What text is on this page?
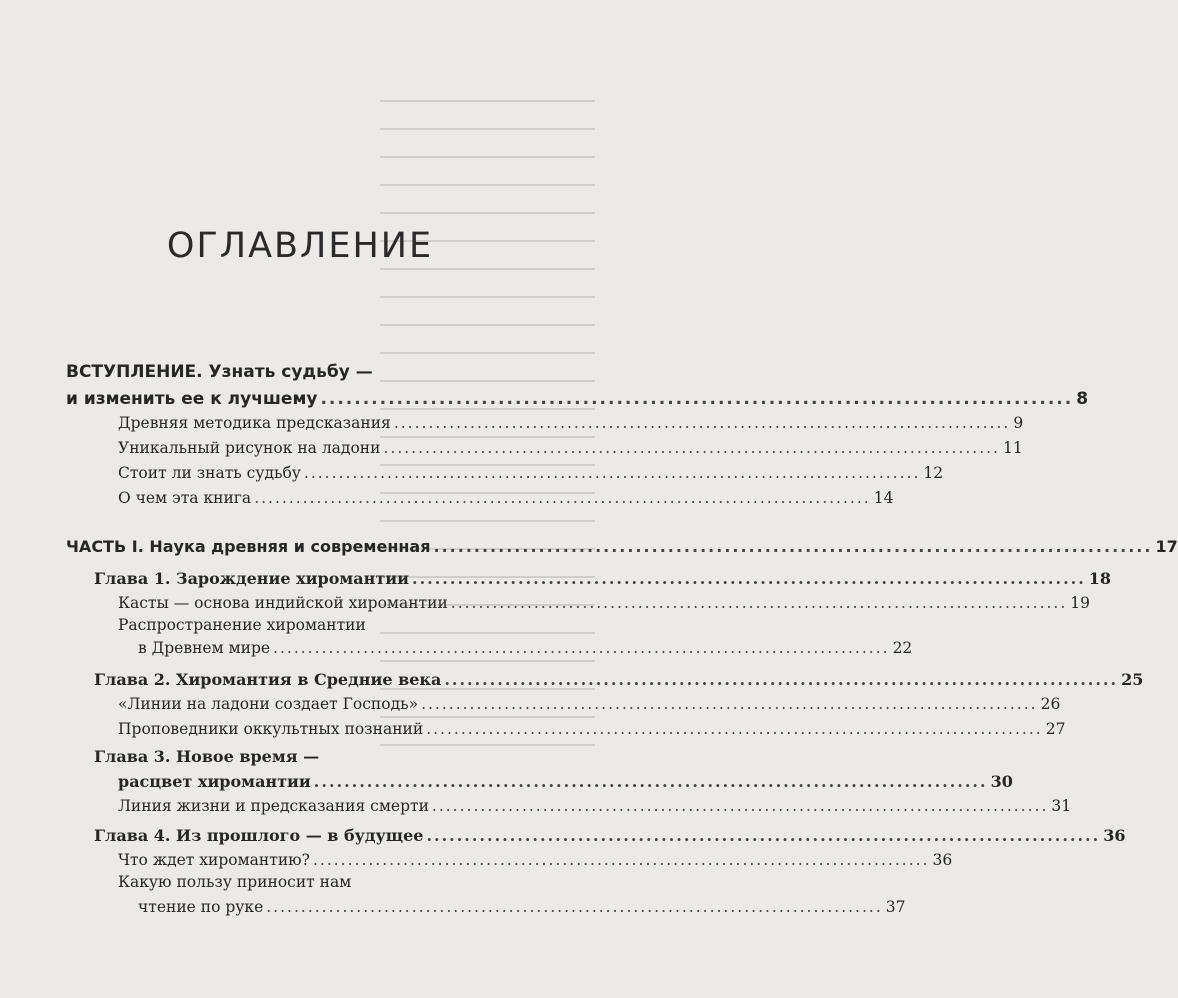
ОГЛАВЛЕНИЕ
ВСТУПЛЕНИЕ. Узнать судьбу —
и изменить ее к лучшему ......................................................................................... 8
Древняя методика предсказания ......................................................................................... 9
Уникальный рисунок на ладони ......................................................................................... 11
Стоит ли знать судьбу ......................................................................................... 12
О чем эта книга ......................................................................................... 14
ЧАСТЬ I. Наука древняя и современная ......................................................................................... 17
Глава 1. Зарождение хиромантии ......................................................................................... 18
Касты — основа индийской хиромантии ......................................................................................... 19
Распространение хиромантии
в Древнем мире ......................................................................................... 22
Глава 2. Хиромантия в Средние века ......................................................................................... 25
«Линии на ладони создает Господь» ......................................................................................... 26
Проповедники оккультных познаний ......................................................................................... 27
Глава 3. Новое время —
расцвет хиромантии ......................................................................................... 30
Линия жизни и предсказания смерти ......................................................................................... 31
Глава 4. Из прошлого — в будущее ......................................................................................... 36
Что ждет хиромантию? ......................................................................................... 36
Какую пользу приносит нам
чтение по руке ......................................................................................... 37
